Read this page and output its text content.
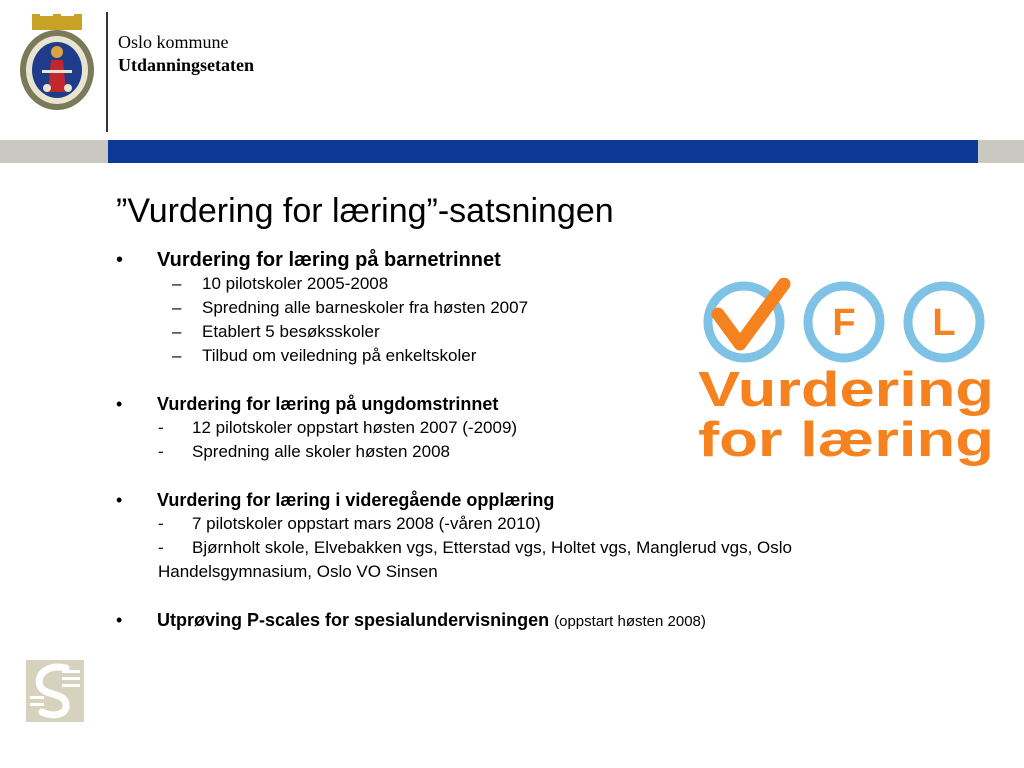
Oslo kommune
Utdanningsetaten
”Vurdering for læring”-satsningen
• Vurdering for læring på barnetrinnet
– 10 pilotskoler 2005-2008
– Spredning alle barneskoler fra høsten 2007
– Etablert 5 besøksskoler
– Tilbud om veiledning på enkeltskoler
• Vurdering for læring på ungdomstrinnet
- 12 pilotskoler oppstart høsten 2007 (-2009)
- Spredning alle skoler høsten 2008
• Vurdering for læring i videregående opplæring
- 7 pilotskoler oppstart mars 2008 (-våren 2010)
- Bjørnholt skole, Elvebakken vgs, Etterstad vgs, Holtet vgs, Manglerud vgs, Oslo Handelsgymnasium, Oslo VO Sinsen
• Utprøving P-scales for spesialundervisningen (oppstart høsten 2008)
F L
Vurdering
for læring
